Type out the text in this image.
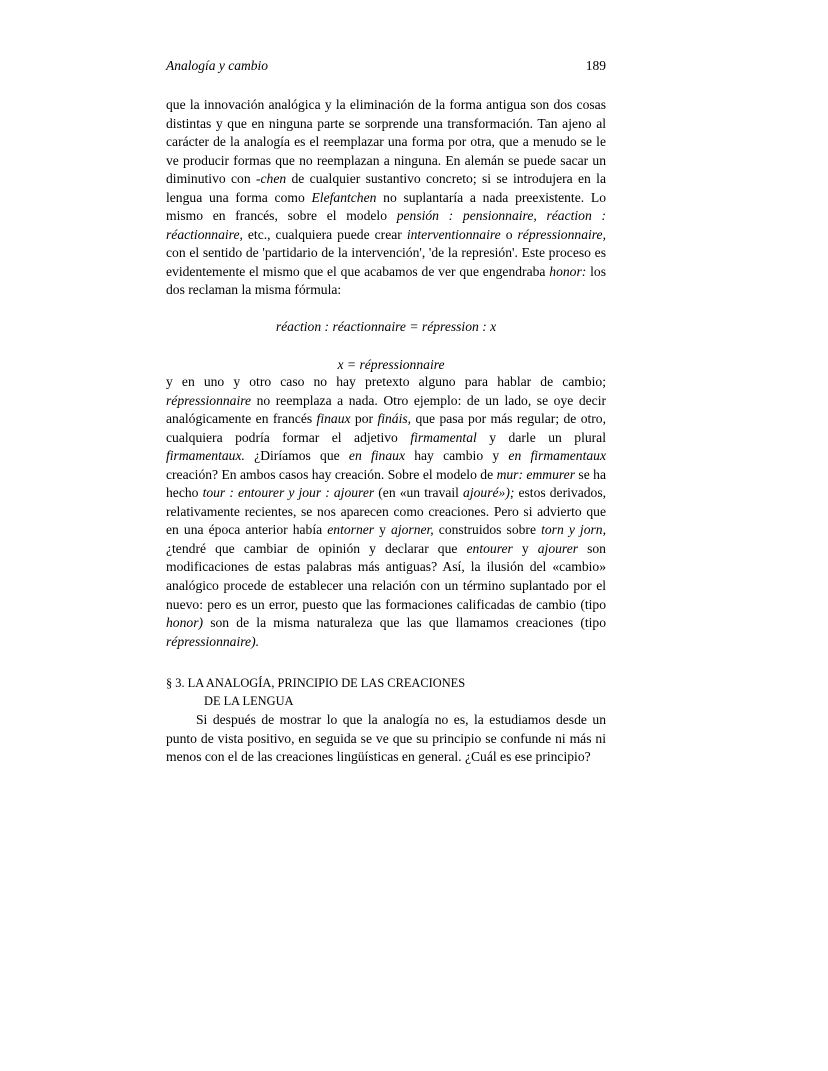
Analogía y cambio	189

que la innovación analógica y la eliminación de la forma antigua son dos cosas distintas y que en ninguna parte se sorprende una transformación. Tan ajeno al carácter de la analogía es el reemplazar una forma por otra, que a menudo se le ve producir formas que no reemplazan a ninguna. En alemán se puede sacar un diminutivo con -chen de cualquier sustantivo concreto; si se introdujera en la lengua una forma como Elefantchen no suplantaría a nada preexistente. Lo mismo en francés, sobre el modelo pensión : pensionnaire, réaction : réactionnaire, etc., cualquiera puede crear interventionnaire o répressionnaire, con el sentido de 'partidario de la intervención', 'de la represión'. Este proceso es evidentemente el mismo que el que acabamos de ver que engendraba honor: los dos reclaman la misma fórmula:

réaction : réactionnaire = répression : x
x = répressionnaire

y en uno y otro caso no hay pretexto alguno para hablar de cambio; répressionnaire no reemplaza a nada. Otro ejemplo: de un lado, se oye decir analógicamente en francés finaux por fináis, que pasa por más regular; de otro, cualquiera podría formar el adjetivo firmamental y darle un plural firmamentaux. ¿Diríamos que en finaux hay cambio y en firmamentaux creación? En ambos casos hay creación. Sobre el modelo de mur: emmurer se ha hecho tour : entourer y jour : ajourer (en «un travail ajouré»); estos derivados, relativamente recientes, se nos aparecen como creaciones. Pero si advierto que en una época anterior había entorner y ajorner, construidos sobre torn y jorn, ¿tendré que cambiar de opinión y declarar que entourer y ajourer son modificaciones de estas palabras más antiguas? Así, la ilusión del «cambio» analógico procede de establecer una relación con un término suplantado por el nuevo: pero es un error, puesto que las formaciones calificadas de cambio (tipo honor) son de la misma naturaleza que las que llamamos creaciones (tipo répressionnaire).

§ 3. LA ANALOGÍA, PRINCIPIO DE LAS CREACIONES
DE LA LENGUA

Si después de mostrar lo que la analogía no es, la estudiamos desde un punto de vista positivo, en seguida se ve que su principio se confunde ni más ni menos con el de las creaciones lingüísticas en general. ¿Cuál es ese principio?
